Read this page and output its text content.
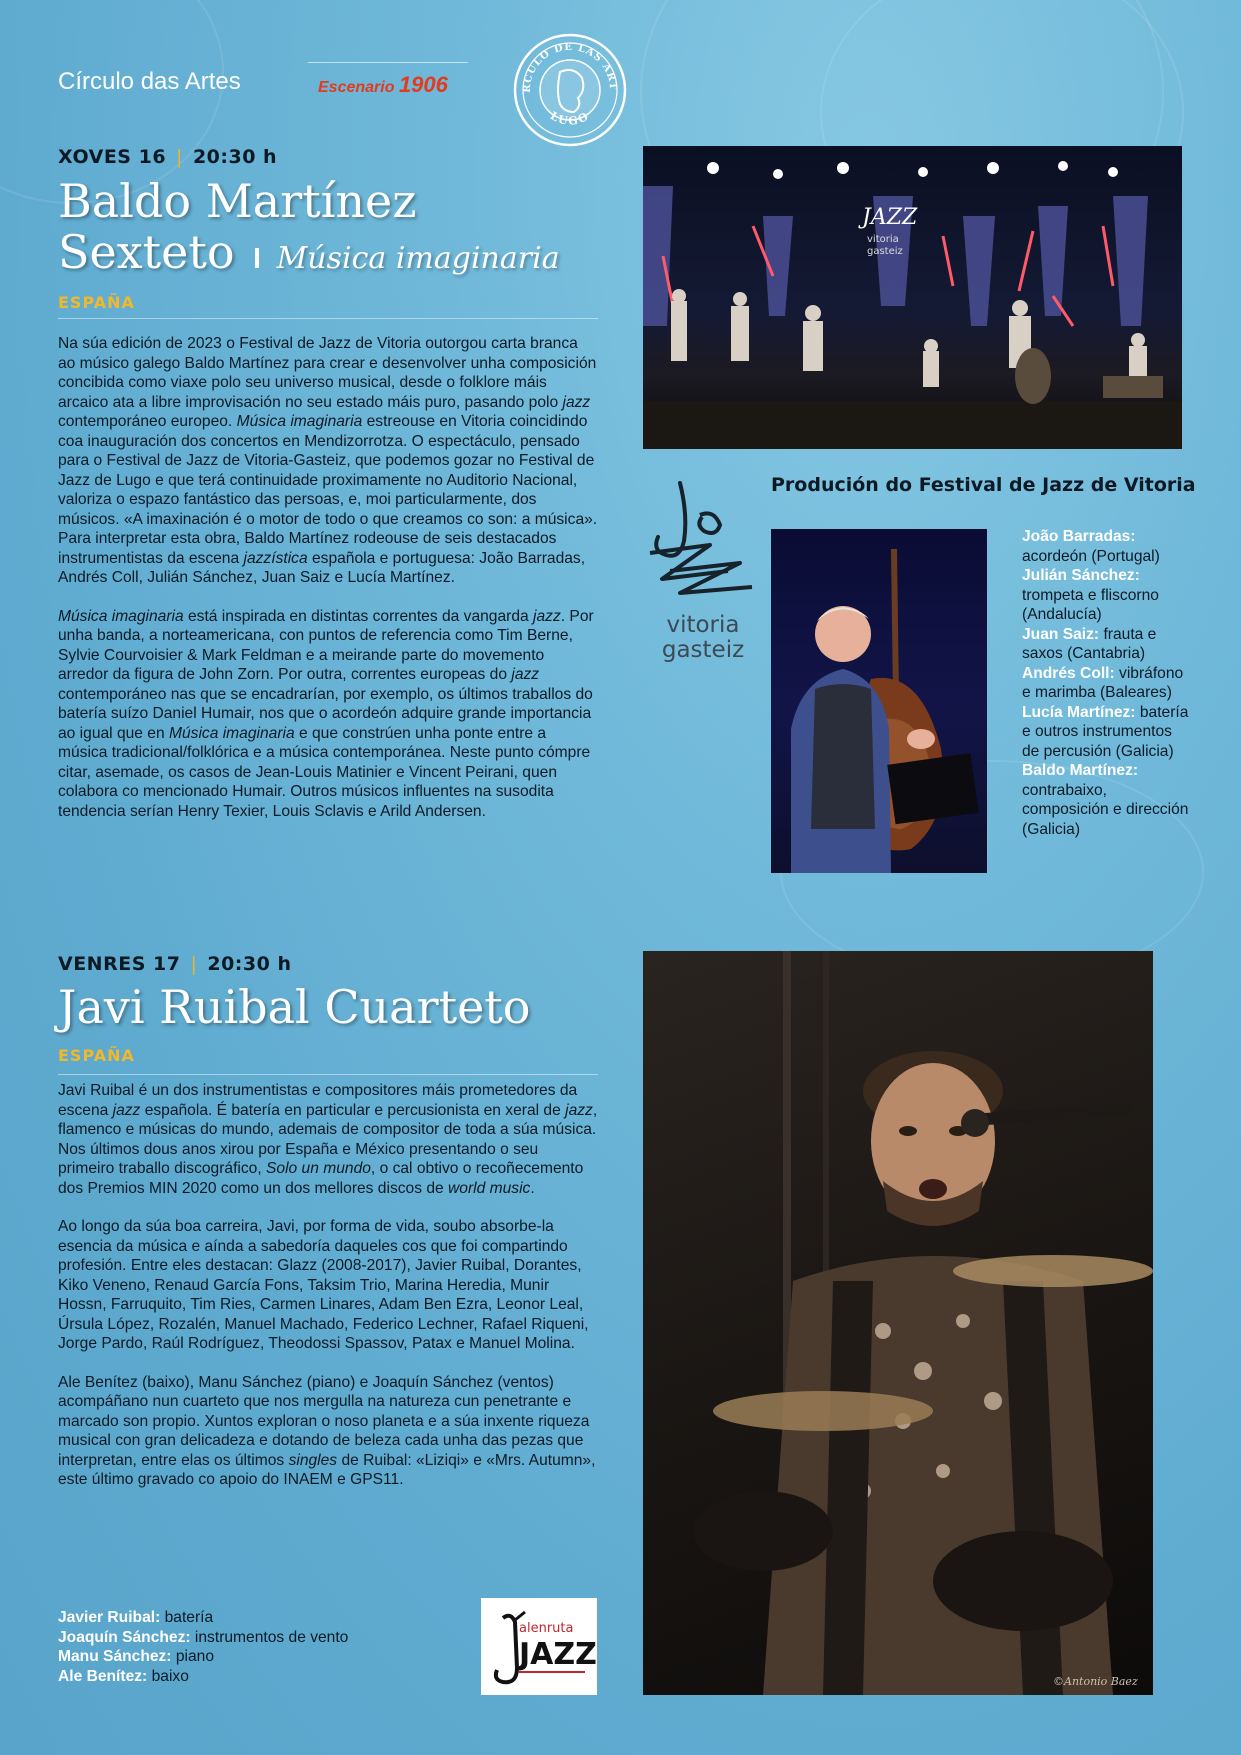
Círculo das Artes	Escenario 1906	RCULO DE LAS ART
LUGO
XOVES 16 | 20:30 h
Baldo Martínez
Sexteto Música imaginaria
ESPAÑA

Na súa edición de 2023 o Festival de Jazz de Vitoria outorgou carta branca ao músico galego Baldo Martínez para crear e desenvolver unha composición concibida como viaxe polo seu universo musical, desde o folklore máis arcaico ata a libre improvisación no seu estado máis puro, pasando polo jazz contemporáneo europeo. Música imaginaria estreouse en Vitoria coincidindo coa inauguración dos concertos en Mendizorrotza. O espectáculo, pensado para o Festival de Jazz de Vitoria-Gasteiz, que podemos gozar no Festival de Jazz de Lugo e que terá continuidade proximamente no Auditorio Nacional, valoriza o espazo fantástico das persoas, e, moi particularmente, dos músicos. «A imaxinación é o motor de todo o que creamos co son: a música». Para interpretar esta obra, Baldo Martínez rodeouse de seis destacados instrumentistas da escena jazzística española e portuguesa: João Barradas, Andrés Coll, Julián Sánchez, Juan Saiz e Lucía Martínez.

Música imaginaria está inspirada en distintas correntes da vangarda jazz. Por unha banda, a norteamericana, con puntos de referencia como Tim Berne, Sylvie Courvoisier & Mark Feldman e a meirande parte do movemento arredor da figura de John Zorn. Por outra, correntes europeas do jazz contemporáneo nas que se encadrarían, por exemplo, os últimos traballos do batería suízo Daniel Humair, nos que o acordeón adquire grande importancia ao igual que en Música imaginaria e que constrúen unha ponte entre a música tradicional/folklórica e a música contemporánea. Neste punto cómpre citar, asemade, os casos de Jean-Louis Matinier e Vincent Peirani, quen colabora co mencionado Humair. Outros músicos influentes na susodita tendencia serían Henry Texier, Louis Sclavis e Arild Andersen.

JAZZ
vitoria
gasteiz
Produción do Festival de Jazz de Vitoria
JAZZ
vitoria
gasteiz
João Barradas: acordeón (Portugal)
Julián Sánchez: trompeta e fliscorno (Andalucía)
Juan Saiz: frauta e saxos (Cantabria)
Andrés Coll: vibráfono e marimba (Baleares)
Lucía Martínez: batería e outros instrumentos de percusión (Galicia)
Baldo Martínez: contrabaixo, composición e dirección (Galicia)
VENRES 17 | 20:30 h
Javi Ruibal Cuarteto
ESPAÑA

Javi Ruibal é un dos instrumentistas e compositores máis prometedores da escena jazz española. É batería en particular e percusionista en xeral de jazz, flamenco e músicas do mundo, ademais de compositor de toda a súa música. Nos últimos dous anos xirou por España e México presentando o seu primeiro traballo discográfico, Solo un mundo, o cal obtivo o recoñecemento dos Premios MIN 2020 como un dos mellores discos de world music.

Ao longo da súa boa carreira, Javi, por forma de vida, soubo absorbe-la esencia da música e aínda a sabedoría daqueles cos que foi compartindo profesión. Entre eles destacan: Glazz (2008-2017), Javier Ruibal, Dorantes, Kiko Veneno, Renaud García Fons, Taksim Trio, Marina Heredia, Munir Hossn, Farruquito, Tim Ries, Carmen Linares, Adam Ben Ezra, Leonor Leal, Úrsula López, Rozalén, Manuel Machado, Federico Lechner, Rafael Riqueni, Jorge Pardo, Raúl Rodríguez, Theodossi Spassov, Patax e Manuel Molina.

Ale Benítez (baixo), Manu Sánchez (piano) e Joaquín Sánchez (ventos) acompáñano nun cuarteto que nos mergulla na natureza cun penetrante e marcado son propio. Xuntos exploran o noso planeta e a súa inxente riqueza musical con gran delicadeza e dotando de beleza cada unha das pezas que interpretan, entre elas os últimos singles de Ruibal: «Liziqi» e «Mrs. Autumn», este último gravado co apoio do INAEM e GPS11.

Javier Ruibal: batería
Joaquín Sánchez: instrumentos de vento
Manu Sánchez: piano
Ale Benítez: baixo
alenruta
JAZZ
©Antonio Baez
